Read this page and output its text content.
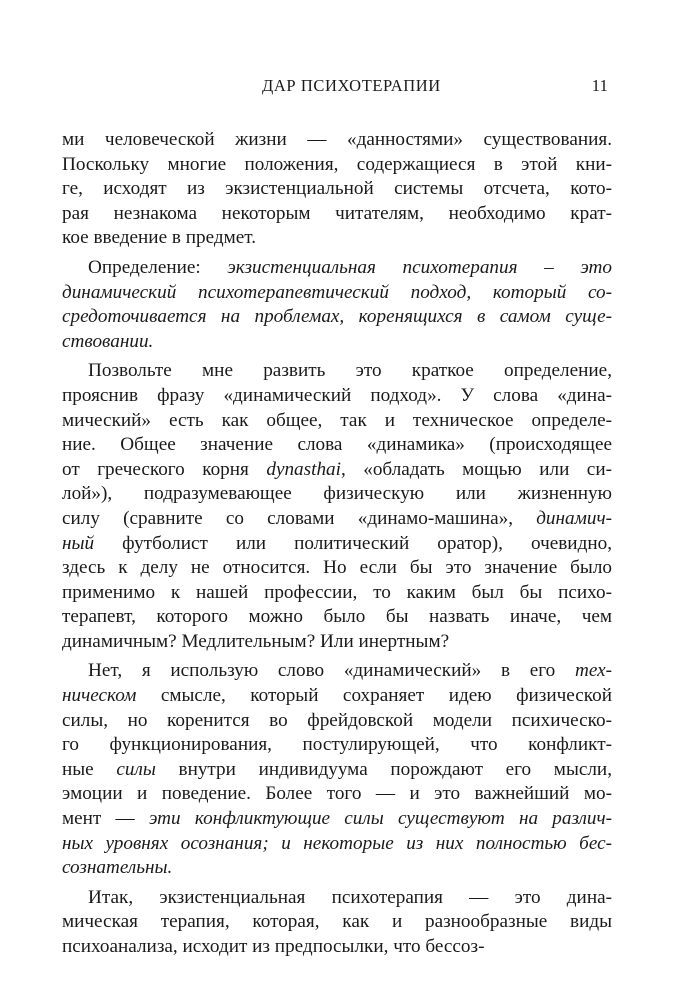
ДАР ПСИХОТЕРАПИИ	11
ми человеческой жизни — «данностями» существования.
Поскольку многие положения, содержащиеся в этой кни-
ге, исходят из экзистенциальной системы отсчета, кото-
рая незнакома некоторым читателям, необходимо крат-
кое введение в предмет.
Определение: экзистенциальная психотерапия – это
динамический психотерапевтический подход, который со-
средоточивается на проблемах, коренящихся в самом суще-
ствовании.
Позвольте мне развить это краткое определение,
прояснив фразу «динамический подход». У слова «дина-
мический» есть как общее, так и техническое определе-
ние. Общее значение слова «динамика» (происходящее
от греческого корня dynasthai, «обладать мощью или си-
лой»), подразумевающее физическую или жизненную
силу (сравните со словами «динамо-машина», динамич-
ный футболист или политический оратор), очевидно,
здесь к делу не относится. Но если бы это значение было
применимо к нашей профессии, то каким был бы психо-
терапевт, которого можно было бы назвать иначе, чем
динамичным? Медлительным? Или инертным?
Нет, я использую слово «динамический» в его тех-
ническом смысле, который сохраняет идею физической
силы, но коренится во фрейдовской модели психическо-
го функционирования, постулирующей, что конфликт-
ные силы внутри индивидуума порождают его мысли,
эмоции и поведение. Более того — и это важнейший мо-
мент — эти конфликтующие силы существуют на различ-
ных уровнях осознания; и некоторые из них полностью бес-
сознательны.
Итак, экзистенциальная психотерапия — это дина-
мическая терапия, которая, как и разнообразные виды
психоанализа, исходит из предпосылки, что бессоз-
